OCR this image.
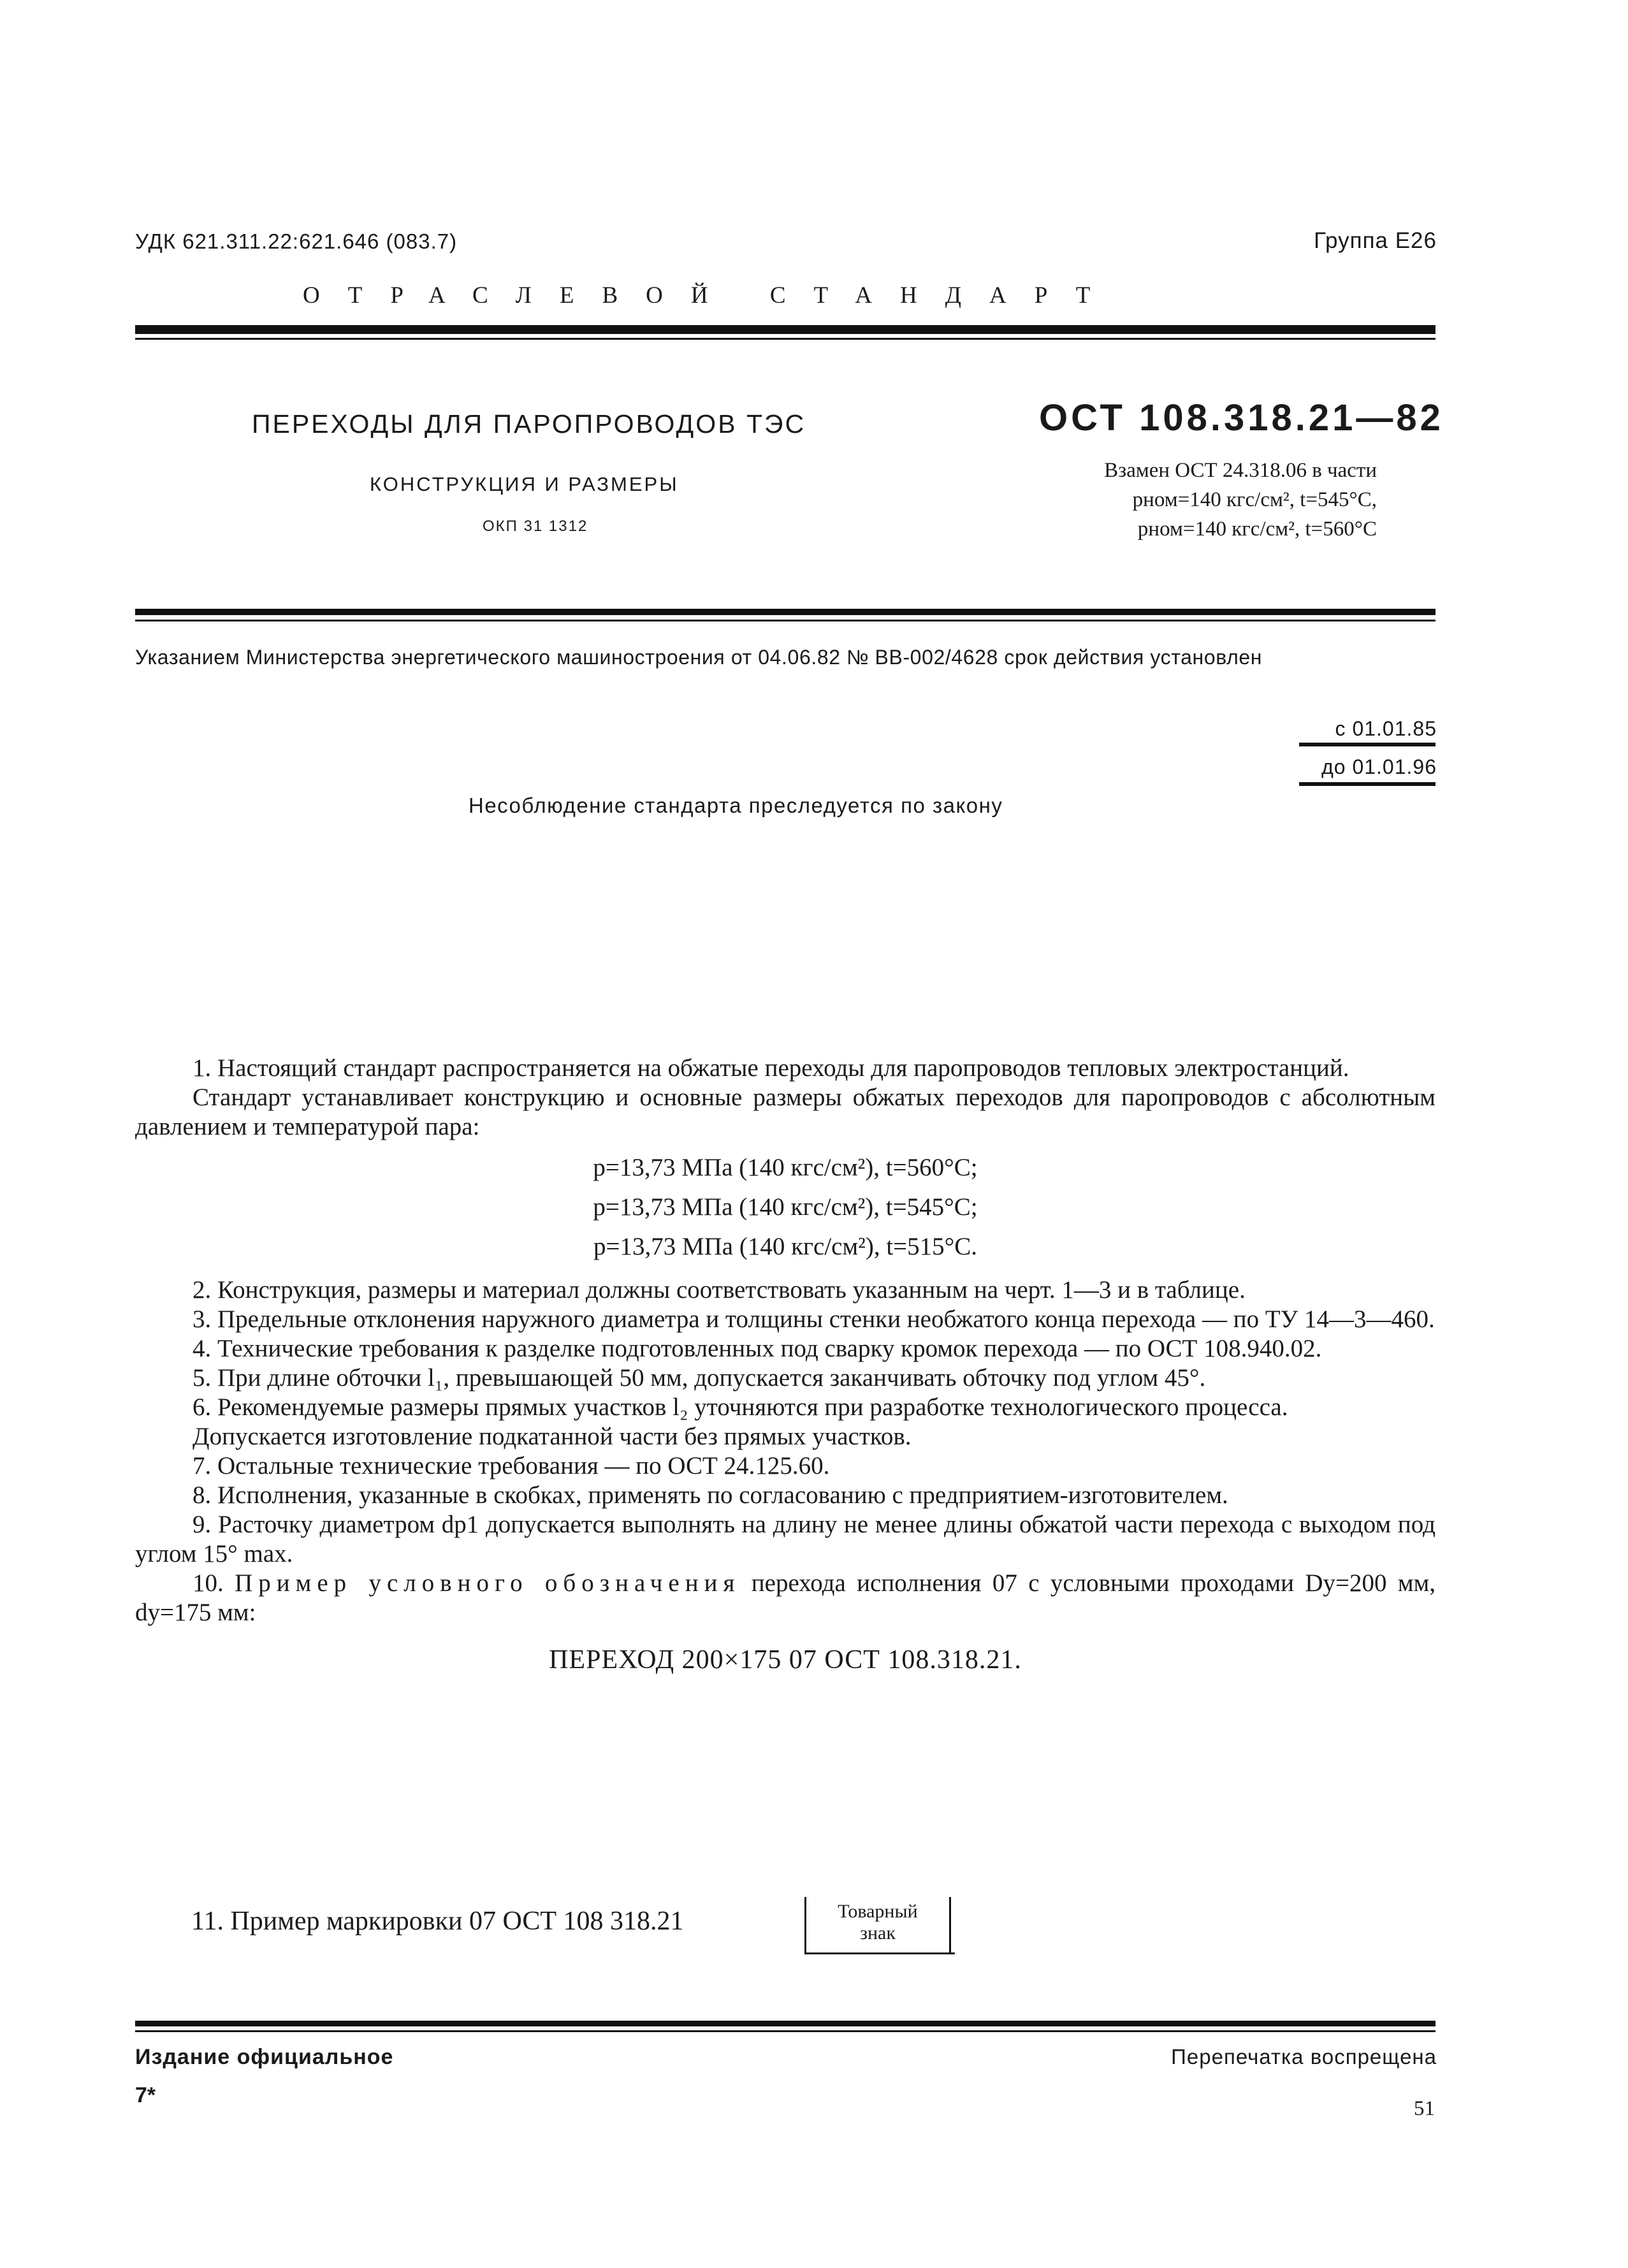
УДК 621.311.22:621.646 (083.7)	Группа Е26
ОТРАСЛЕВОЙ СТАНДАРТ
ПЕРЕХОДЫ ДЛЯ ПАРОПРОВОДОВ ТЭС
КОНСТРУКЦИЯ И РАЗМЕРЫ
ОКП 31 1312
ОСТ 108.318.21—82
Взамен ОСТ 24.318.06 в части
pном=140 кгс/см², t=545°С,
pном=140 кгс/см², t=560°С
Указанием Министерства энергетического машиностроения от 04.06.82 № ВВ-002/4628 срок действия установлен
с 01.01.85
до 01.01.96
Несоблюдение стандарта преследуется по закону

1. Настоящий стандарт распространяется на обжатые переходы для паропроводов тепловых электростанций.

Стандарт устанавливает конструкцию и основные размеры обжатых переходов для паропроводов с абсолютным давлением и температурой пара:

p=13,73 МПа (140 кгс/см²), t=560°С;
p=13,73 МПа (140 кгс/см²), t=545°С;
p=13,73 МПа (140 кгс/см²), t=515°С.

2. Конструкция, размеры и материал должны соответствовать указанным на черт. 1—3 и в таблице.

3. Предельные отклонения наружного диаметра и толщины стенки необжатого конца перехода — по ТУ 14—3—460.

4. Технические требования к разделке подготовленных под сварку кромок перехода — по ОСТ 108.940.02.

5. При длине обточки l₁, превышающей 50 мм, допускается заканчивать обточку под углом 45°.

6. Рекомендуемые размеры прямых участков l₂ уточняются при разработке технологического процесса.

Допускается изготовление подкатанной части без прямых участков.

7. Остальные технические требования — по ОСТ 24.125.60.

8. Исполнения, указанные в скобках, применять по согласованию с предприятием-изготовителем.

9. Расточку диаметром dр1 допускается выполнять на длину не менее длины обжатой части перехода с выходом под углом 15° max.

10. Пример условного обозначения перехода исполнения 07 с условными проходами Dу=200 мм, dу=175 мм:

ПЕРЕХОД 200×175 07 ОСТ 108.318.21.
11. Пример маркировки 07 ОСТ 108 318.21	Товарный
знак
Издание официальное	Перепечатка воспрещена
7*
51
